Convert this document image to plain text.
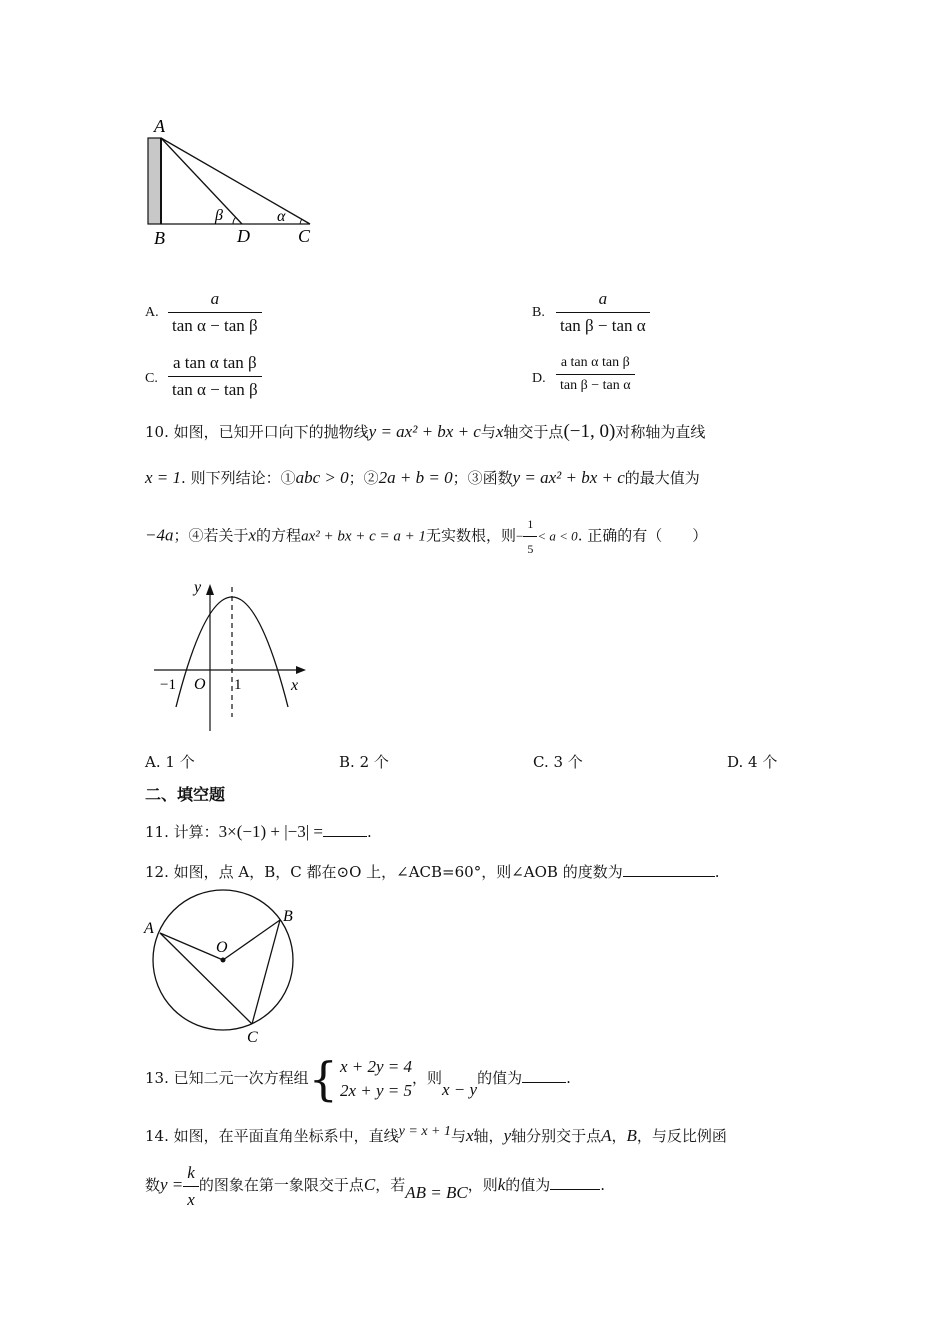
A
B	D	C
β	α
A. $\frac{a}{\text{tan α − tan β}}$	B. $\frac{a}{\text{tan β − tan α}}$
C. $\frac{\text{a tan α tan β}}{\text{tan α − tan β}}$	D. $\frac{\text{a tan α tan β}}{\text{tan β − tan α}}$
10. 如图，已知开口向下的抛物线y = ax² + bx + c与x轴交于点(−1, 0)对称轴为直线
x = 1. 则下列结论：①abc > 0；②2a + b = 0；③函数y = ax² + bx + c的最大值为
−4a；④若关于x的方程ax² + bx + c = a + 1无实数根，则− $\frac{1}{5} < a < 0$. 正确的有（　　）
y
x
O
−1	1
A. 1 个	B. 2 个	C. 3 个	D. 4 个
二、填空题
11. 计算：3×(−1) + |−3| =	.
12. 如图，点 A，B，C 都在⊙O 上，∠ACB=60°，则∠AOB 的度数为	.
A
B
C
O
13. 已知二元一次方程组 { x + 2y = 4
2x + y = 5
，则x − y的值为	.
14. 如图，在平面直角坐标系中，直线y = x + 1与x轴，y轴分别交于点A，B，与反比例函
数$y = \frac{k}{x}$ 的图象在第一象限交于点C，若AB = BC，则k的值为	.
